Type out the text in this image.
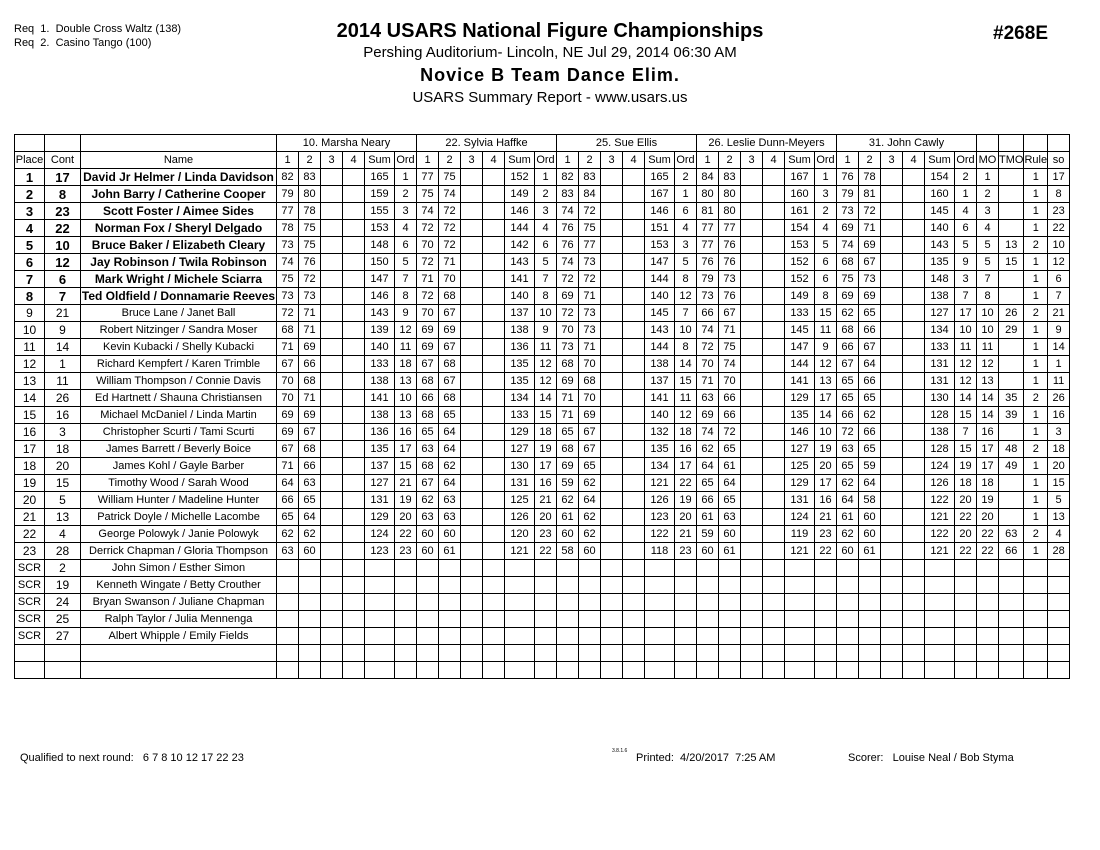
Req  1.  Double Cross Waltz (138)
Req  2.  Casino Tango (100)
2014 USARS National Figure Championships
Pershing Auditorium- Lincoln, NE Jul 29, 2014 06:30 AM
Novice B Team Dance Elim.
USARS Summary Report - www.usars.us
#268E
			10. Marsha Neary						22. Sylvia Haffke						25. Sue Ellis						26. Leslie Dunn-Meyers						31. John Cawly									
Place	Cont	Name	1	2	3	4	Sum	Ord	1	2	3	4	Sum	Ord	1	2	3	4	Sum	Ord	1	2	3	4	Sum	Ord	1	2	3	4	Sum	Ord	MO	TMO	Rule	so
1	17	David Jr Helmer / Linda Davidson	82	83			165	1	77	75			152	1	82	83			165	2	84	83			167	1	76	78			154	2	1		1	17
2	8	John Barry / Catherine Cooper	79	80			159	2	75	74			149	2	83	84			167	1	80	80			160	3	79	81			160	1	2		1	8
3	23	Scott Foster / Aimee Sides	77	78			155	3	74	72			146	3	74	72			146	6	81	80			161	2	73	72			145	4	3		1	23
4	22	Norman Fox / Sheryl Delgado	78	75			153	4	72	72			144	4	76	75			151	4	77	77			154	4	69	71			140	6	4		1	22
5	10	Bruce Baker / Elizabeth Cleary	73	75			148	6	70	72			142	6	76	77			153	3	77	76			153	5	74	69			143	5	5	13	2	10
6	12	Jay Robinson / Twila Robinson	74	76			150	5	72	71			143	5	74	73			147	5	76	76			152	6	68	67			135	9	5	15	1	12
7	6	Mark Wright / Michele Sciarra	75	72			147	7	71	70			141	7	72	72			144	8	79	73			152	6	75	73			148	3	7		1	6
8	7	Ted Oldfield / Donnamarie Reeves	73	73			146	8	72	68			140	8	69	71			140	12	73	76			149	8	69	69			138	7	8		1	7
9	21	Bruce Lane / Janet Ball	72	71			143	9	70	67			137	10	72	73			145	7	66	67			133	15	62	65			127	17	10	26	2	21
10	9	Robert Nitzinger / Sandra Moser	68	71			139	12	69	69			138	9	70	73			143	10	74	71			145	11	68	66			134	10	10	29	1	9
11	14	Kevin Kubacki / Shelly Kubacki	71	69			140	11	69	67			136	11	73	71			144	8	72	75			147	9	66	67			133	11	11		1	14
12	1	Richard Kempfert / Karen Trimble	67	66			133	18	67	68			135	12	68	70			138	14	70	74			144	12	67	64			131	12	12		1	1
13	11	William Thompson / Connie Davis	70	68			138	13	68	67			135	12	69	68			137	15	71	70			141	13	65	66			131	12	13		1	11
14	26	Ed Hartnett / Shauna Christiansen	70	71			141	10	66	68			134	14	71	70			141	11	63	66			129	17	65	65			130	14	14	35	2	26
15	16	Michael McDaniel / Linda Martin	69	69			138	13	68	65			133	15	71	69			140	12	69	66			135	14	66	62			128	15	14	39	1	16
16	3	Christopher Scurti / Tami Scurti	69	67			136	16	65	64			129	18	65	67			132	18	74	72			146	10	72	66			138	7	16		1	3
17	18	James Barrett / Beverly Boice	67	68			135	17	63	64			127	19	68	67			135	16	62	65			127	19	63	65			128	15	17	48	2	18
18	20	James Kohl / Gayle Barber	71	66			137	15	68	62			130	17	69	65			134	17	64	61			125	20	65	59			124	19	17	49	1	20
19	15	Timothy Wood / Sarah Wood	64	63			127	21	67	64			131	16	59	62			121	22	65	64			129	17	62	64			126	18	18		1	15
20	5	William Hunter / Madeline Hunter	66	65			131	19	62	63			125	21	62	64			126	19	66	65			131	16	64	58			122	20	19		1	5
21	13	Patrick Doyle / Michelle Lacombe	65	64			129	20	63	63			126	20	61	62			123	20	61	63			124	21	61	60			121	22	20		1	13
22	4	George Polowyk / Janie Polowyk	62	62			124	22	60	60			120	23	60	62			122	21	59	60			119	23	62	60			122	20	22	63	2	4
23	28	Derrick Chapman / Gloria Thompson	63	60			123	23	60	61			121	22	58	60			118	23	60	61			121	22	60	61			121	22	22	66	1	28
SCR	2	John Simon / Esther Simon																																		
SCR	19	Kenneth Wingate / Betty Crouther																																		
SCR	24	Bryan Swanson / Juliane Chapman																																		
SCR	25	Ralph Taylor / Julia Mennenga																																		
SCR	27	Albert Whipple / Emily Fields																																		

Qualified to next round:   6 7 8 10 12 17 22 23
3.8.1.6
Printed:  4/20/2017  7:25 AM	Scorer:   Louise Neal / Bob Styma
